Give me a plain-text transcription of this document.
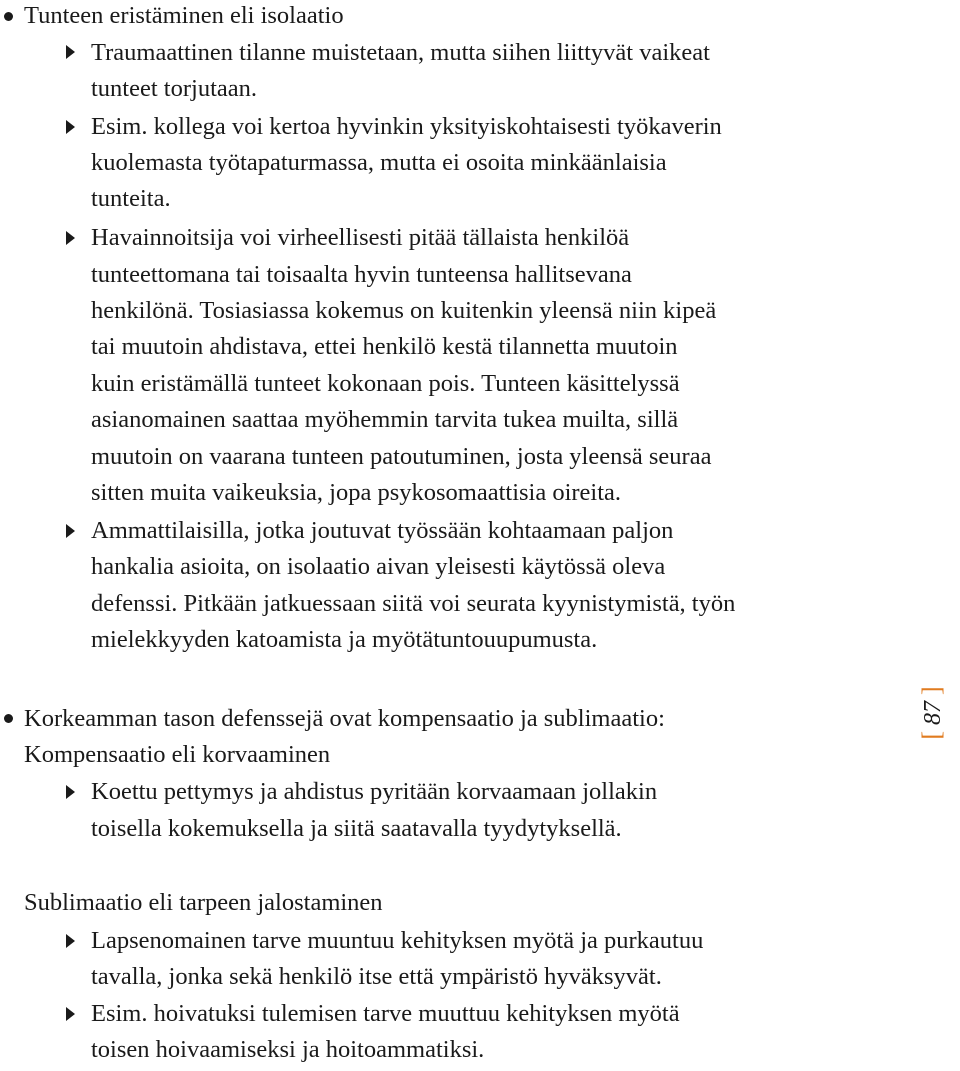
Tunteen eristäminen eli isolaatio
Traumaattinen tilanne muistetaan, mutta siihen liittyvät vaikeat
tunteet torjutaan.
Esim. kollega voi kertoa hyvinkin yksityiskohtaisesti työkaverin
kuolemasta työtapaturmassa, mutta ei osoita minkäänlaisia
tunteita.
Havainnoitsija voi virheellisesti pitää tällaista henkilöä
tunteettomana tai toisaalta hyvin tunteensa hallitsevana
henkilönä. Tosiasiassa kokemus on kuitenkin yleensä niin kipeä
tai muutoin ahdistava, ettei henkilö kestä tilannetta muutoin
kuin eristämällä tunteet kokonaan pois. Tunteen käsittelyssä
asianomainen saattaa myöhemmin tarvita tukea muilta, sillä
muutoin on vaarana tunteen patoutuminen, josta yleensä seuraa
sitten muita vaikeuksia, jopa psykosomaattisia oireita.
Ammattilaisilla, jotka joutuvat työssään kohtaamaan paljon
hankalia asioita, on isolaatio aivan yleisesti käytössä oleva
defenssi. Pitkään jatkuessaan siitä voi seurata kyynistymistä, työn
mielekkyyden katoamista ja myötätuntouupumusta.
Korkeamman tason defenssejä ovat kompensaatio ja sublimaatio:
Kompensaatio eli korvaaminen
Koettu pettymys ja ahdistus pyritään korvaamaan jollakin
toisella kokemuksella ja siitä saatavalla tyydytyksellä.
Sublimaatio eli tarpeen jalostaminen
Lapsenomainen tarve muuntuu kehityksen myötä ja purkautuu
tavalla, jonka sekä henkilö itse että ympäristö hyväksyvät.
Esim. hoivatuksi tulemisen tarve muuttuu kehityksen myötä
toisen hoivaamiseksi ja hoitoammatiksi.
[ 87 ]
